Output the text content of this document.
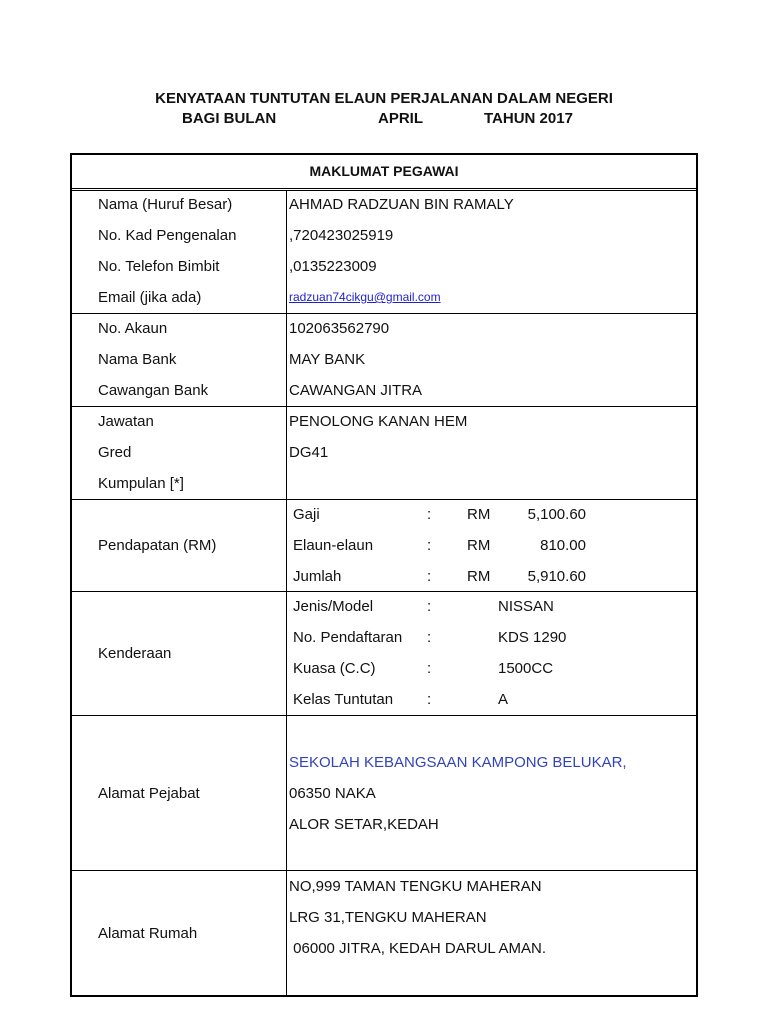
KENYATAAN TUNTUTAN ELAUN PERJALANAN DALAM NEGERI
BAGI BULAN	APRIL	TAHUN 2017
MAKLUMAT PEGAWAI
Nama (Huruf Besar)	AHMAD RADZUAN BIN RAMALY
No. Kad Pengenalan	,720423025919
No. Telefon Bimbit	,0135223009
Email (jika ada)	radzuan74cikgu@gmail.com
No. Akaun	102063562790
Nama Bank	MAY BANK
Cawangan Bank	CAWANGAN JITRA
Jawatan	PENOLONG KANAN HEM
Gred	DG41
Kumpulan [*]
Pendapatan (RM)
Gaji	: RM 5,100.60
Elaun-elaun	: RM	810.00
Jumlah	: RM 5,910.60
Kenderaan
Jenis/Model	:	NISSAN
No. Pendaftaran :	KDS 1290
Kuasa (C.C)	:	1500CC
Kelas Tuntutan :	A
Alamat Pejabat
SEKOLAH KEBANGSAAN KAMPONG BELUKAR,
06350 NAKA
ALOR SETAR,KEDAH
Alamat Rumah
NO,999 TAMAN TENGKU MAHERAN
LRG 31,TENGKU MAHERAN
06000 JITRA, KEDAH DARUL AMAN.
